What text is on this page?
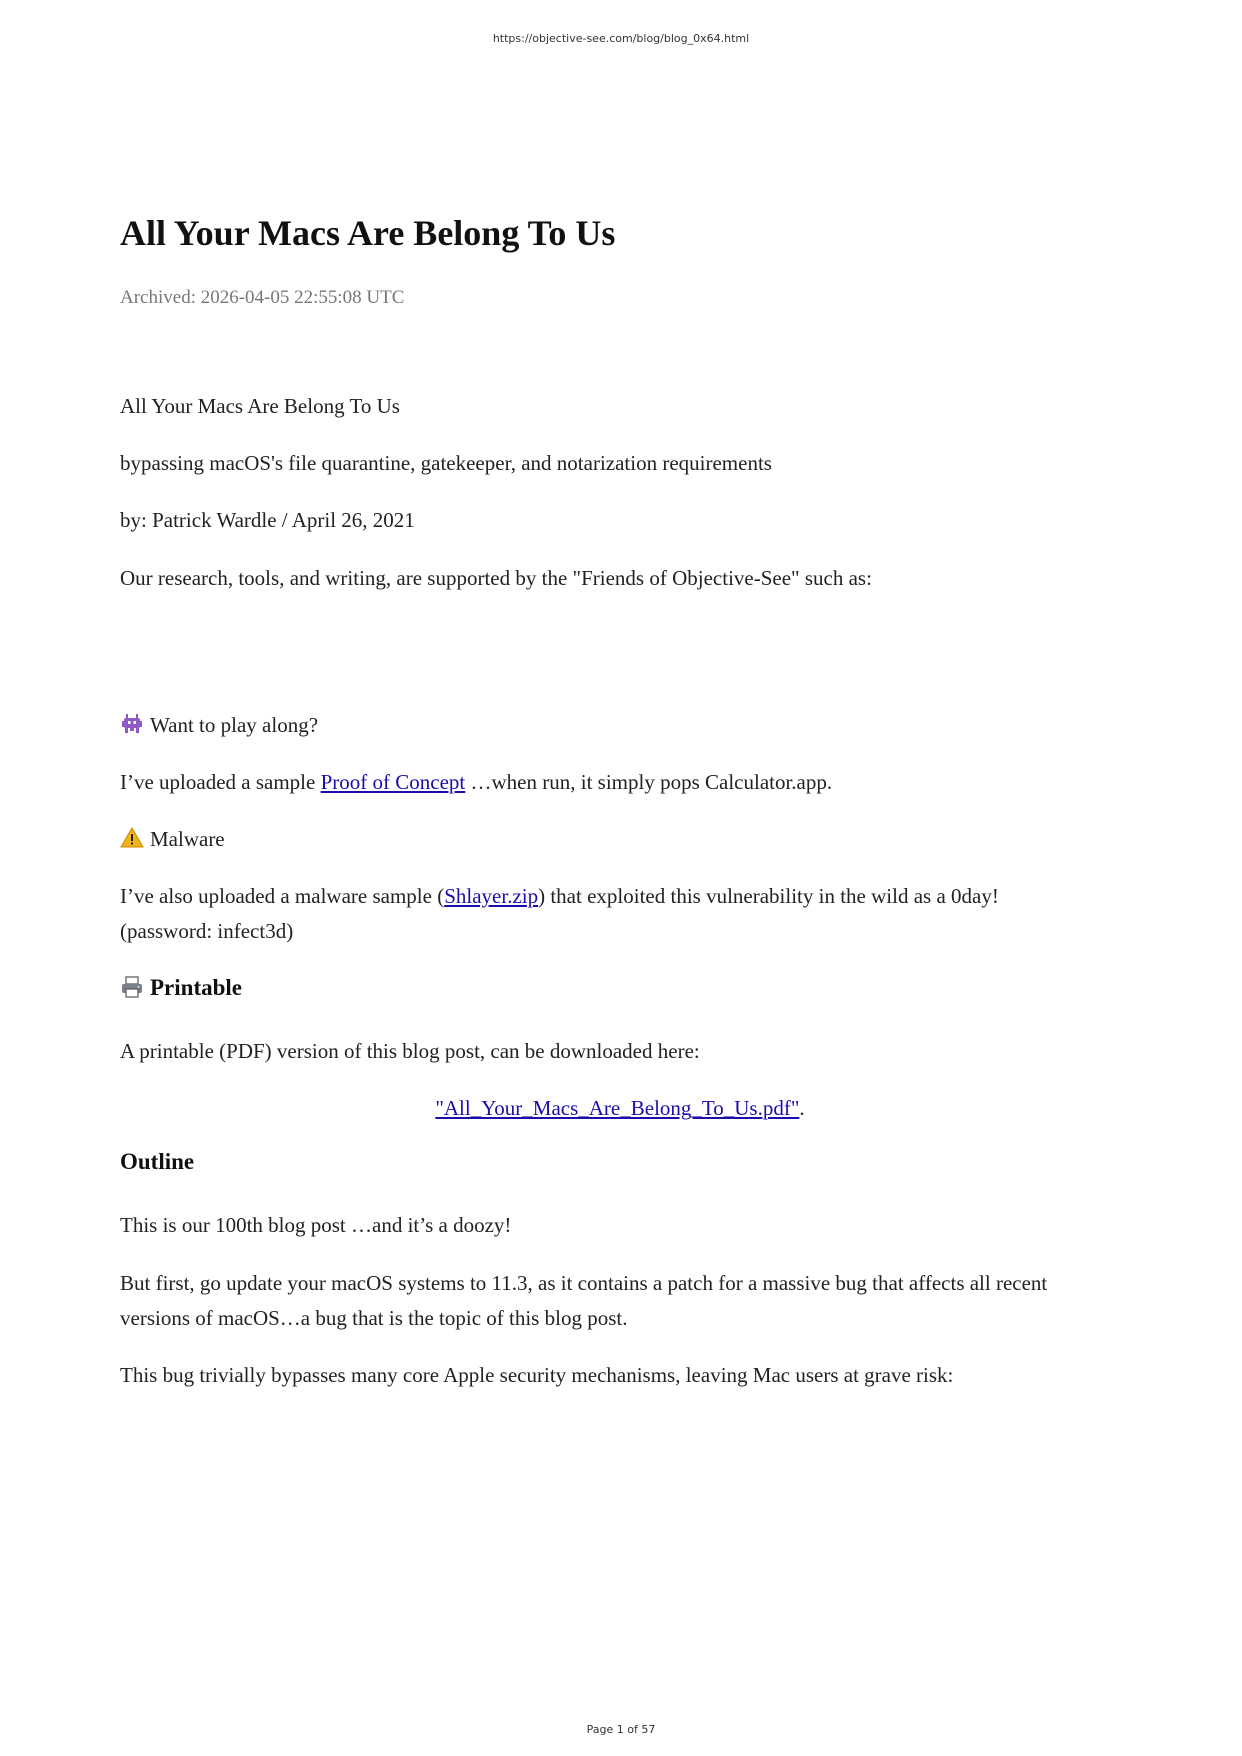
https://objective-see.com/blog/blog_0x64.html
All Your Macs Are Belong To Us
Archived: 2026-04-05 22:55:08 UTC

All Your Macs Are Belong To Us

bypassing macOS's file quarantine, gatekeeper, and notarization requirements

by: Patrick Wardle / April 26, 2021

Our research, tools, and writing, are supported by the "Friends of Objective-See" such as:

Want to play along?

I’ve uploaded a sample Proof of Concept …when run, it simply pops Calculator.app.

Malware

I’ve also uploaded a malware sample (Shlayer.zip) that exploited this vulnerability in the wild as a 0day! (password: infect3d)

Printable

A printable (PDF) version of this blog post, can be downloaded here:

"All_Your_Macs_Are_Belong_To_Us.pdf".

Outline

This is our 100th blog post …and it’s a doozy!

But first, go update your macOS systems to 11.3, as it contains a patch for a massive bug that affects all recent versions of macOS…a bug that is the topic of this blog post.

This bug trivially bypasses many core Apple security mechanisms, leaving Mac users at grave risk:

Page 1 of 57
